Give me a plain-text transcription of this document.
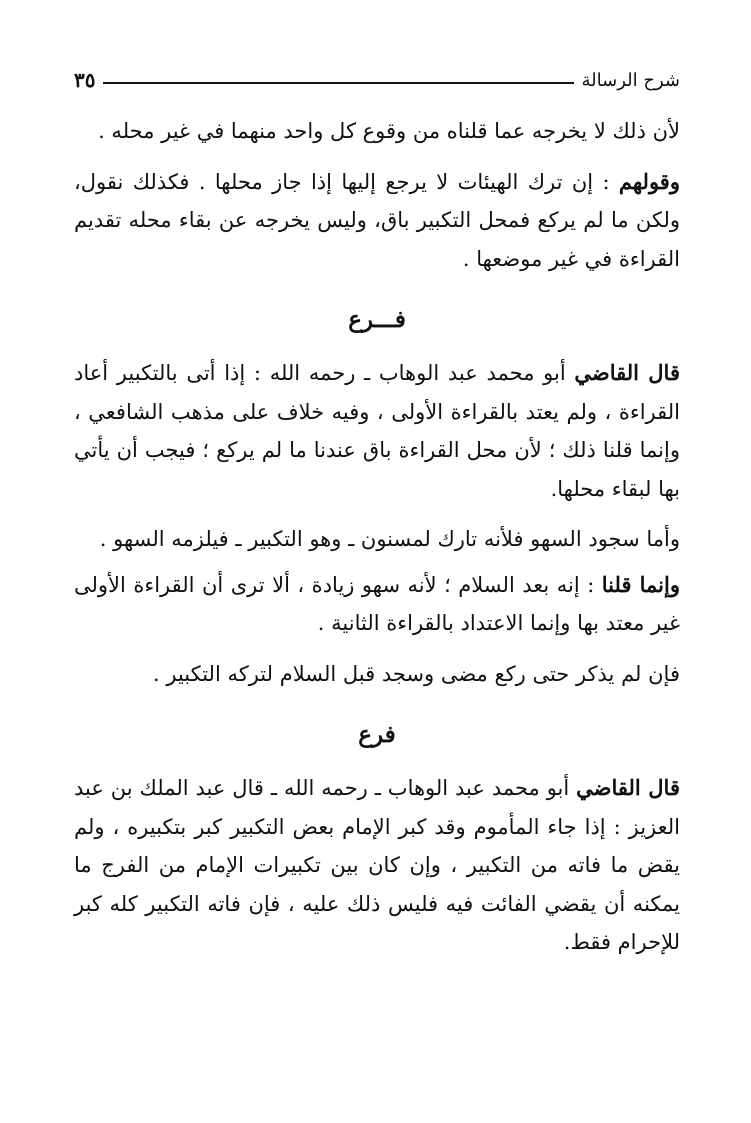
شرح الرسالة
٣٥

لأن ذلك لا يخرجه عما قلناه من وقوع كل واحد منهما في غير محله .

وقولهم : إن ترك الهيئات لا يرجع إليها إذا جاز محلها . فكذلك نقول، ولكن ما لم يركع فمحل التكبير باق، وليس يخرجه عن بقاء محله تقديم القراءة في غير موضعها .

فـــرع

قال القاضي أبو محمد عبد الوهاب ـ رحمه الله : إذا أتى بالتكبير أعاد القراءة ، ولم يعتد بالقراءة الأولى ، وفيه خلاف على مذهب الشافعي ، وإنما قلنا ذلك ؛ لأن محل القراءة باق عندنا ما لم يركع ؛ فيجب أن يأتي بها لبقاء محلها.

وأما سجود السهو فلأنه تارك لمسنون ـ وهو التكبير ـ فيلزمه السهو .

وإنما قلنا : إنه بعد السلام ؛ لأنه سهو زيادة ، ألا ترى أن القراءة الأولى غير معتد بها وإنما الاعتداد بالقراءة الثانية .

فإن لم يذكر حتى ركع مضى وسجد قبل السلام لتركه التكبير .

فرع

قال القاضي أبو محمد عبد الوهاب ـ رحمه الله ـ قال عبد الملك بن عبد العزيز : إذا جاء المأموم وقد كبر الإمام بعض التكبير كبر بتكبيره ، ولم يقض ما فاته من التكبير ، وإن كان بين تكبيرات الإمام من الفرج ما يمكنه أن يقضي الفائت فيه فليس ذلك عليه ، فإن فاته التكبير كله كبر للإحرام فقط.
